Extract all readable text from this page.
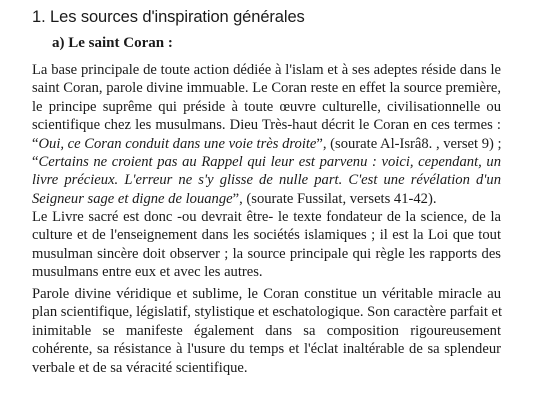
1. Les sources d'inspiration générales
a) Le saint Coran :
La base principale de toute action dédiée à l'islam et à ses adeptes réside dans le
saint Coran, parole divine immuable. Le Coran reste en effet la source première,
le principe suprême qui préside à toute œuvre culturelle, civilisationnelle ou
scientifique chez les musulmans. Dieu Très-haut décrit le Coran en ces termes :
“Oui, ce Coran conduit dans une voie très droite”, (sourate Al-Isrâ8. , verset 9) ;
“Certains ne croient pas au Rappel qui leur est parvenu : voici, cependant, un
livre précieux. L'erreur ne s'y glisse de nulle part. C'est une révélation d'un
Seigneur sage et digne de louange”, (sourate Fussilat, versets 41-42).
Le Livre sacré est donc -ou devrait être- le texte fondateur de la science, de la
culture et de l'enseignement dans les sociétés islamiques ; il est la Loi que tout
musulman sincère doit observer ; la source principale qui règle les rapports des
musulmans entre eux et avec les autres.
Parole divine véridique et sublime, le Coran constitue un véritable miracle au
plan scientifique, législatif, stylistique et eschatologique. Son caractère parfait et
inimitable se manifeste également dans sa composition rigoureusement
cohérente, sa résistance à l'usure du temps et l'éclat inaltérable de sa splendeur
verbale et de sa véracité scientifique.
